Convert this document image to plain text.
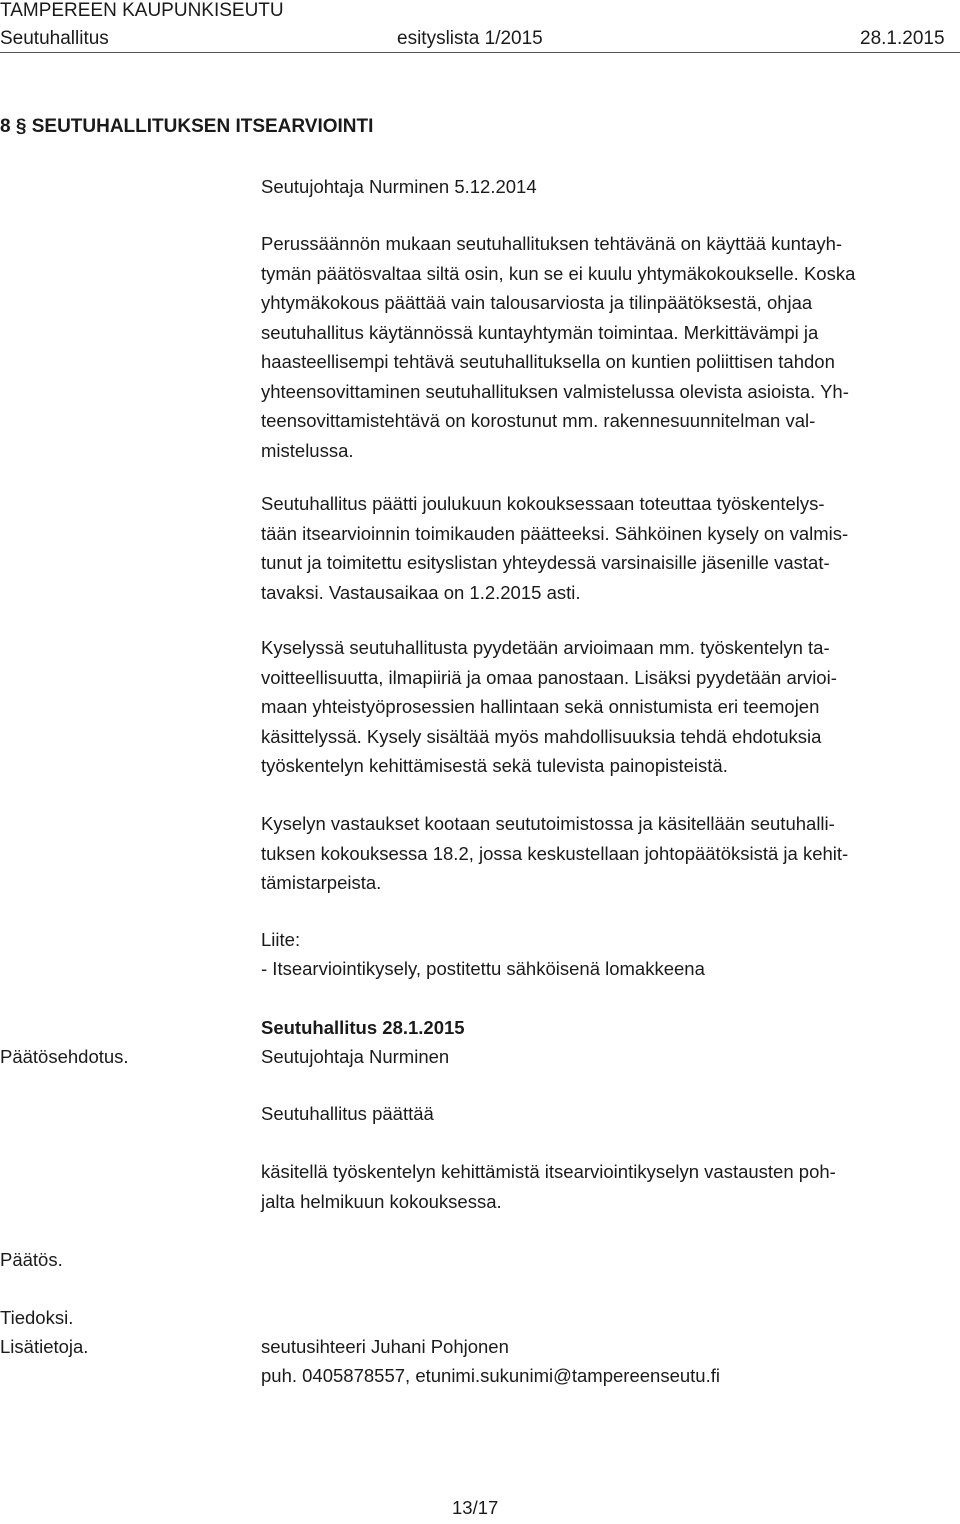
TAMPEREEN KAUPUNKISEUTU
Seutuhallitus	esityslista 1/2015	28.1.2015
8 § SEUTUHALLITUKSEN ITSEARVIOINTI
Seutujohtaja Nurminen 5.12.2014
Perussäännön mukaan seutuhallituksen tehtävänä on käyttää kuntayh-
tymän päätösvaltaa siltä osin, kun se ei kuulu yhtymäkokoukselle. Koska
yhtymäkokous päättää vain talousarviosta ja tilinpäätöksestä, ohjaa
seutuhallitus käytännössä kuntayhtymän toimintaa. Merkittävämpi ja
haasteellisempi tehtävä seutuhallituksella on kuntien poliittisen tahdon
yhteensovittaminen seutuhallituksen valmistelussa olevista asioista. Yh-
teensovittamistehtävä on korostunut mm. rakennesuunnitelman val-
mistelussa.
Seutuhallitus päätti joulukuun kokouksessaan toteuttaa työskentelys-
tään itsearvioinnin toimikauden päätteeksi. Sähköinen kysely on valmis-
tunut ja toimitettu esityslistan yhteydessä varsinaisille jäsenille vastat-
tavaksi. Vastausaikaa on 1.2.2015 asti.
Kyselyssä seutuhallitusta pyydetään arvioimaan mm. työskentelyn ta-
voitteellisuutta, ilmapiiriä ja omaa panostaan. Lisäksi pyydetään arvioi-
maan yhteistyöprosessien hallintaan sekä onnistumista eri teemojen
käsittelyssä. Kysely sisältää myös mahdollisuuksia tehdä ehdotuksia
työskentelyn kehittämisestä sekä tulevista painopisteistä.
Kyselyn vastaukset kootaan seututoimistossa ja käsitellään seutuhalli-
tuksen kokouksessa 18.2, jossa keskustellaan johtopäätöksistä ja kehit-
tämistarpeista.
Liite:
- Itsearviointikysely, postitettu sähköisenä lomakkeena
Seutuhallitus 28.1.2015
Päätösehdotus.	Seutujohtaja Nurminen
Seutuhallitus päättää
käsitellä työskentelyn kehittämistä itsearviointikyselyn vastausten poh-
jalta helmikuun kokouksessa.
Päätös.
Tiedoksi.
Lisätietoja.	seutusihteeri Juhani Pohjonen
puh. 0405878557, etunimi.sukunimi@tampereenseutu.fi
13/17
